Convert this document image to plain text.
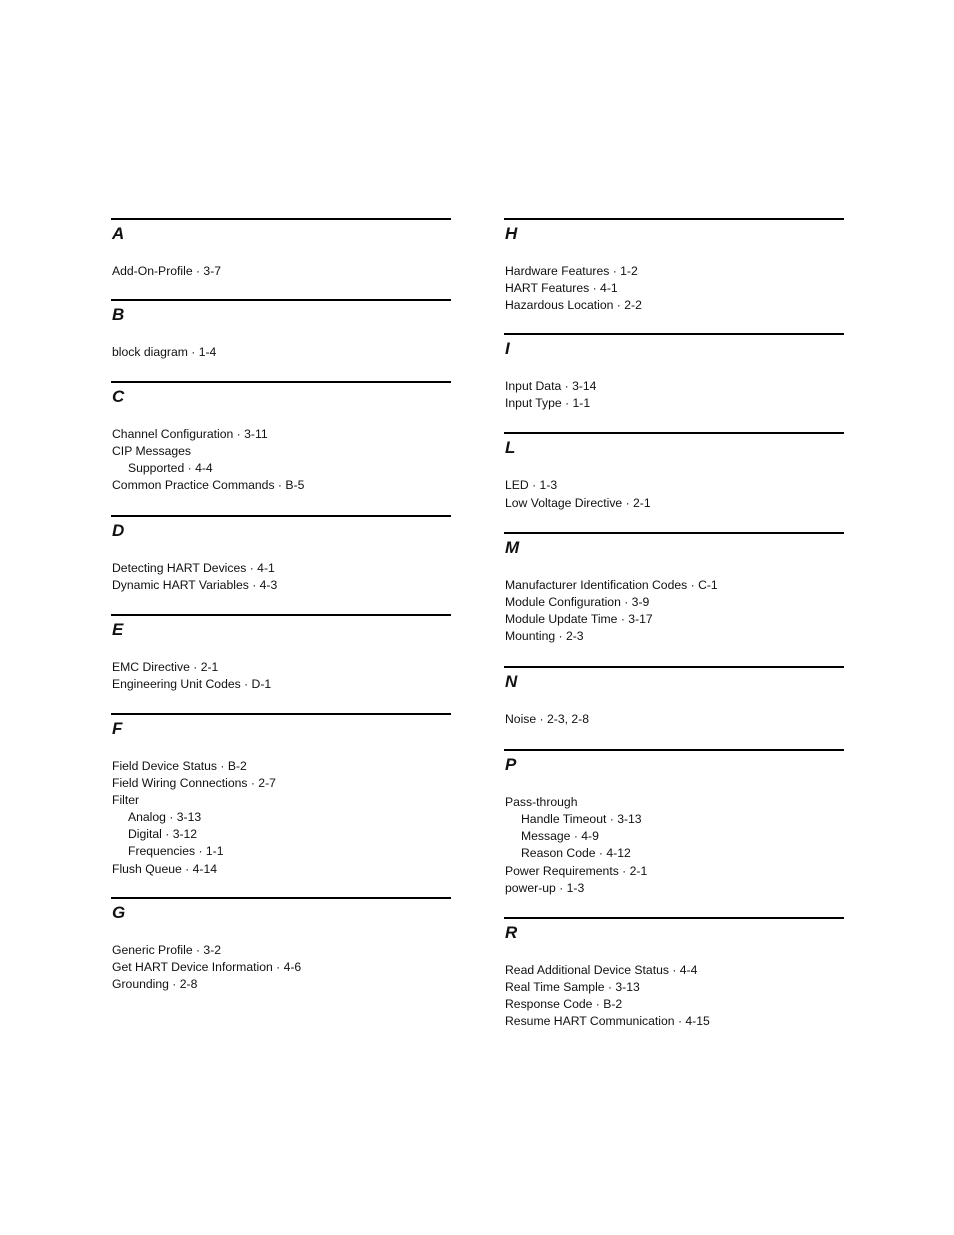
A
Add-On-Profile · 3-7
B
block diagram · 1-4
C
Channel Configuration · 3-11
CIP Messages
Supported · 4-4
Common Practice Commands · B-5
D
Detecting HART Devices · 4-1
Dynamic HART Variables · 4-3
E
EMC Directive · 2-1
Engineering Unit Codes · D-1
F
Field Device Status · B-2
Field Wiring Connections · 2-7
Filter
Analog · 3-13
Digital · 3-12
Frequencies · 1-1
Flush Queue · 4-14
G
Generic Profile · 3-2
Get HART Device Information · 4-6
Grounding · 2-8
H
Hardware Features · 1-2
HART Features · 4-1
Hazardous Location · 2-2
I
Input Data · 3-14
Input Type · 1-1
L
LED · 1-3
Low Voltage Directive · 2-1
M
Manufacturer Identification Codes · C-1
Module Configuration · 3-9
Module Update Time · 3-17
Mounting · 2-3
N
Noise · 2-3, 2-8
P
Pass-through
Handle Timeout · 3-13
Message · 4-9
Reason Code · 4-12
Power Requirements · 2-1
power-up · 1-3
R
Read Additional Device Status · 4-4
Real Time Sample · 3-13
Response Code · B-2
Resume HART Communication · 4-15
